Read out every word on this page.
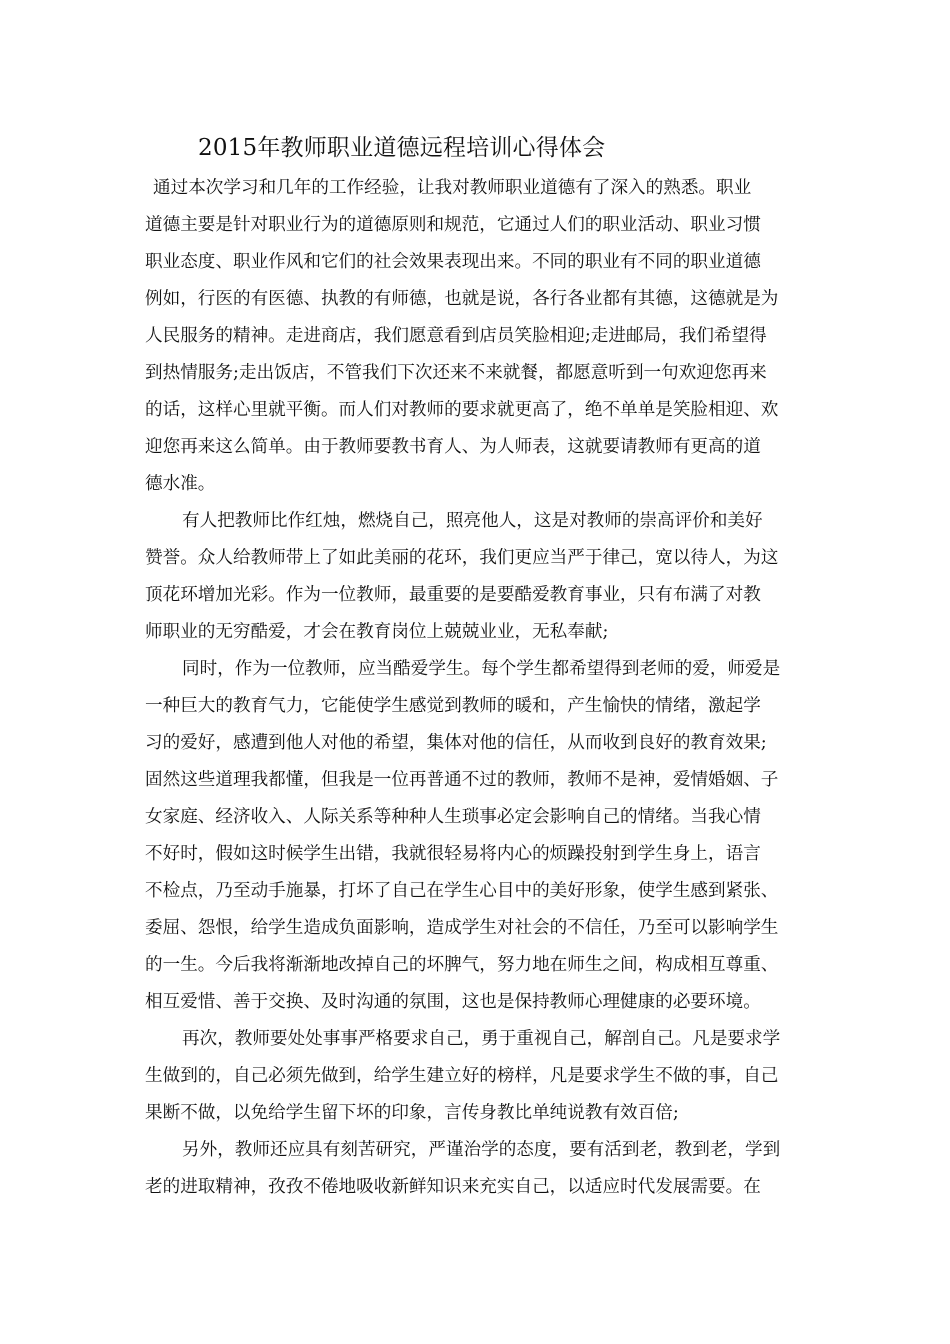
2015年教师职业道德远程培训心得体会
通过本次学习和几年的工作经验，让我对教师职业道德有了深入的熟悉。职业
道德主要是针对职业行为的道德原则和规范，它通过人们的职业活动、职业习惯
职业态度、职业作风和它们的社会效果表现出来。不同的职业有不同的职业道德
例如，行医的有医德、执教的有师德，也就是说，各行各业都有其德，这德就是为
人民服务的精神。走进商店，我们愿意看到店员笑脸相迎;走进邮局，我们希望得
到热情服务;走出饭店，不管我们下次还来不来就餐，都愿意听到一句欢迎您再来
的话，这样心里就平衡。而人们对教师的要求就更高了，绝不单单是笑脸相迎、欢
迎您再来这么简单。由于教师要教书育人、为人师表，这就要请教师有更高的道
德水准。
有人把教师比作红烛，燃烧自己，照亮他人，这是对教师的崇高评价和美好
赞誉。众人给教师带上了如此美丽的花环，我们更应当严于律己，宽以待人，为这
顶花环增加光彩。作为一位教师，最重要的是要酷爱教育事业，只有布满了对教
师职业的无穷酷爱，才会在教育岗位上兢兢业业，无私奉献;
同时，作为一位教师，应当酷爱学生。每个学生都希望得到老师的爱，师爱是
一种巨大的教育气力，它能使学生感觉到教师的暖和，产生愉快的情绪，激起学
习的爱好，感遭到他人对他的希望，集体对他的信任，从而收到良好的教育效果;
固然这些道理我都懂，但我是一位再普通不过的教师，教师不是神，爱情婚姻、子
女家庭、经济收入、人际关系等种种人生琐事必定会影响自己的情绪。当我心情
不好时，假如这时候学生出错，我就很轻易将内心的烦躁投射到学生身上，语言
不检点，乃至动手施暴，打坏了自己在学生心目中的美好形象，使学生感到紧张、
委屈、怨恨，给学生造成负面影响，造成学生对社会的不信任，乃至可以影响学生
的一生。今后我将渐渐地改掉自己的坏脾气，努力地在师生之间，构成相互尊重、
相互爱惜、善于交换、及时沟通的氛围，这也是保持教师心理健康的必要环境。
再次，教师要处处事事严格要求自己，勇于重视自己，解剖自己。凡是要求学
生做到的，自己必须先做到，给学生建立好的榜样，凡是要求学生不做的事，自己
果断不做，以免给学生留下坏的印象，言传身教比单纯说教有效百倍;
另外，教师还应具有刻苦研究，严谨治学的态度，要有活到老，教到老，学到
老的进取精神，孜孜不倦地吸收新鲜知识来充实自己，以适应时代发展需要。在
